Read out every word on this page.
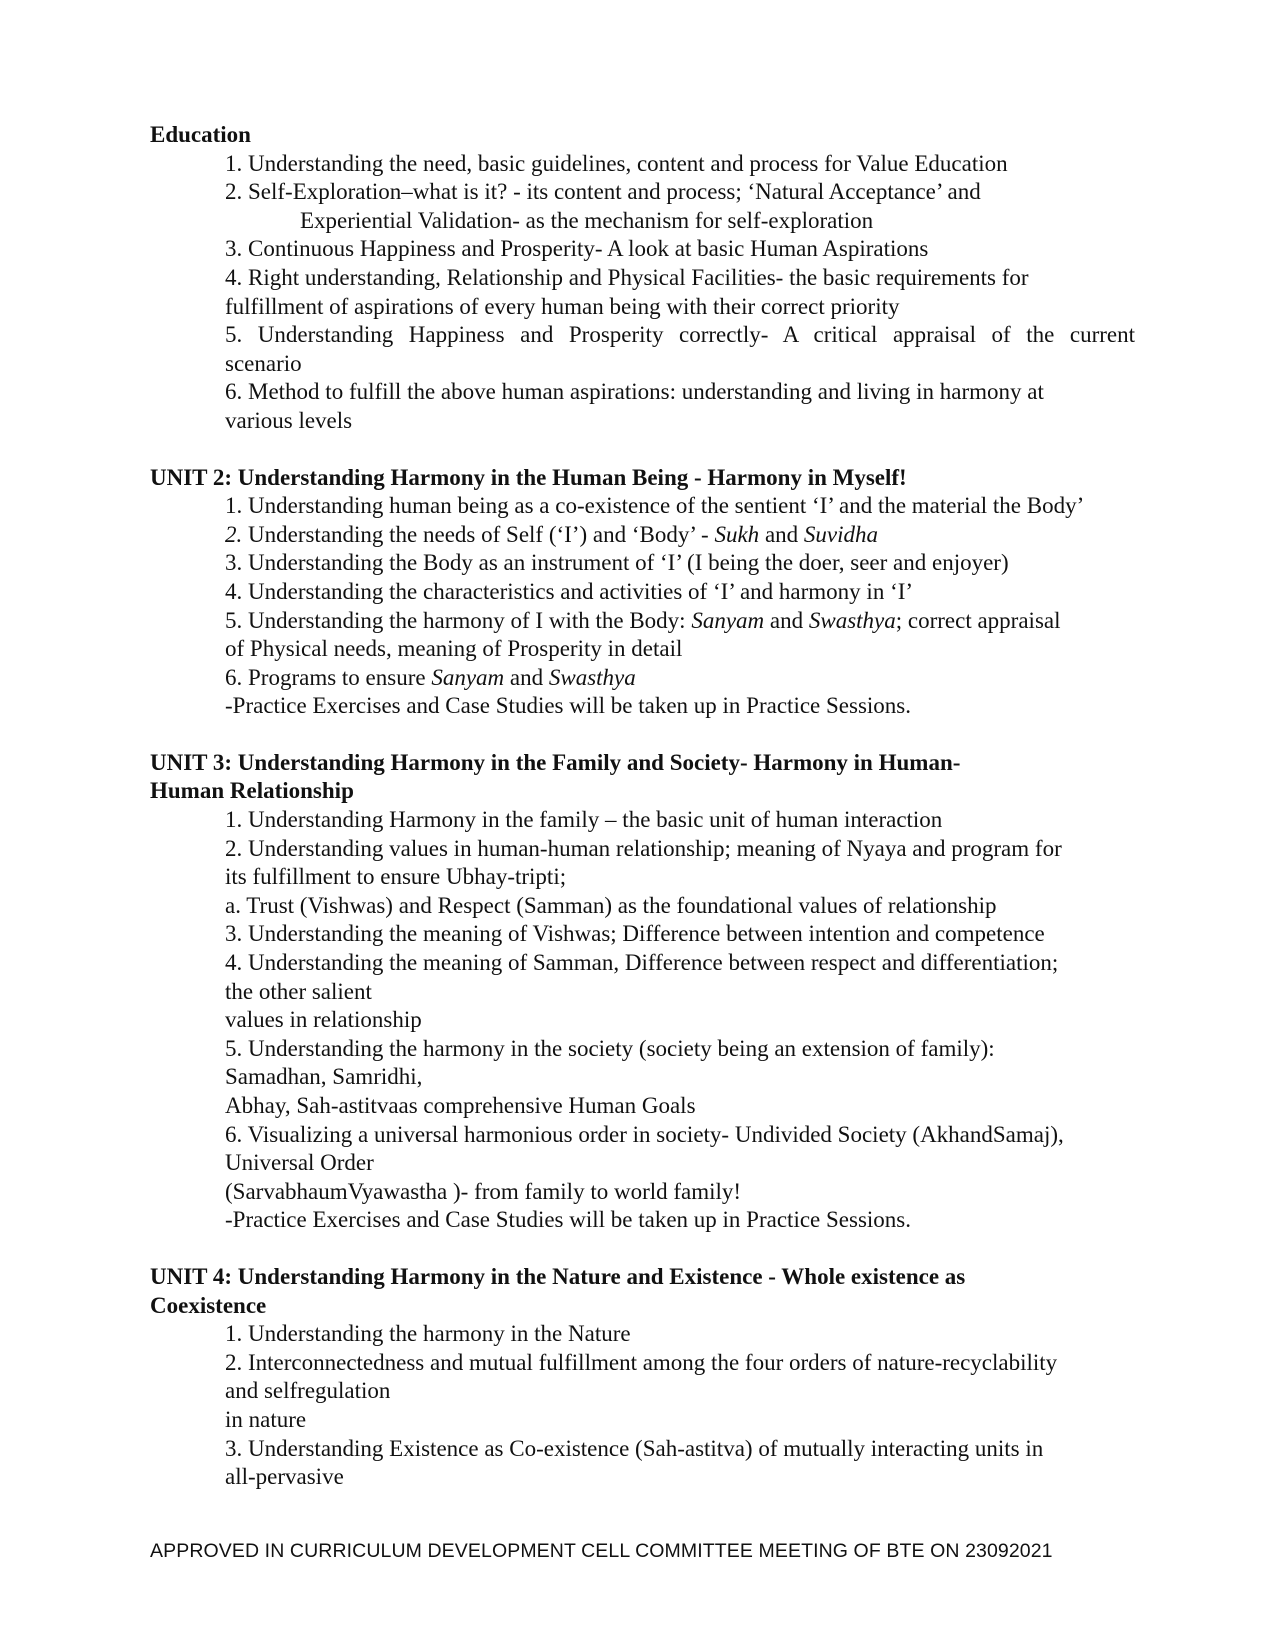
Education
1. Understanding the need, basic guidelines, content and process for Value Education
2. Self-Exploration–what is it? - its content and process; ‘Natural Acceptance’ and
Experiential Validation- as the mechanism for self-exploration
3. Continuous Happiness and Prosperity- A look at basic Human Aspirations
4. Right understanding, Relationship and Physical Facilities- the basic requirements for
fulfillment of aspirations of every human being with their correct priority
5. Understanding Happiness and Prosperity correctly- A critical appraisal of the current
scenario
6. Method to fulfill the above human aspirations: understanding and living in harmony at
various levels
UNIT 2: Understanding Harmony in the Human Being - Harmony in Myself!
1. Understanding human being as a co-existence of the sentient ‘I’ and the material the Body’
2. Understanding the needs of Self (‘I’) and ‘Body’ - Sukh and Suvidha
3. Understanding the Body as an instrument of ‘I’ (I being the doer, seer and enjoyer)
4. Understanding the characteristics and activities of ‘I’ and harmony in ‘I’
5. Understanding the harmony of I with the Body: Sanyam and Swasthya; correct appraisal
of Physical needs, meaning of Prosperity in detail
6. Programs to ensure Sanyam and Swasthya
-Practice Exercises and Case Studies will be taken up in Practice Sessions.
UNIT 3: Understanding Harmony in the Family and Society- Harmony in Human-
Human Relationship
1. Understanding Harmony in the family – the basic unit of human interaction
2. Understanding values in human-human relationship; meaning of Nyaya and program for
its fulfillment to ensure Ubhay-tripti;
a. Trust (Vishwas) and Respect (Samman) as the foundational values of relationship
3. Understanding the meaning of Vishwas; Difference between intention and competence
4. Understanding the meaning of Samman, Difference between respect and differentiation;
the other salient
values in relationship
5. Understanding the harmony in the society (society being an extension of family):
Samadhan, Samridhi,
Abhay, Sah-astitvaas comprehensive Human Goals
6. Visualizing a universal harmonious order in society- Undivided Society (AkhandSamaj),
Universal Order
(SarvabhaumVyawastha )- from family to world family!
-Practice Exercises and Case Studies will be taken up in Practice Sessions.
UNIT 4: Understanding Harmony in the Nature and Existence - Whole existence as
Coexistence
1. Understanding the harmony in the Nature
2. Interconnectedness and mutual fulfillment among the four orders of nature-recyclability
and selfregulation
in nature
3. Understanding Existence as Co-existence (Sah-astitva) of mutually interacting units in
all-pervasive
APPROVED IN CURRICULUM DEVELOPMENT CELL COMMITTEE MEETING OF BTE ON 23092021
